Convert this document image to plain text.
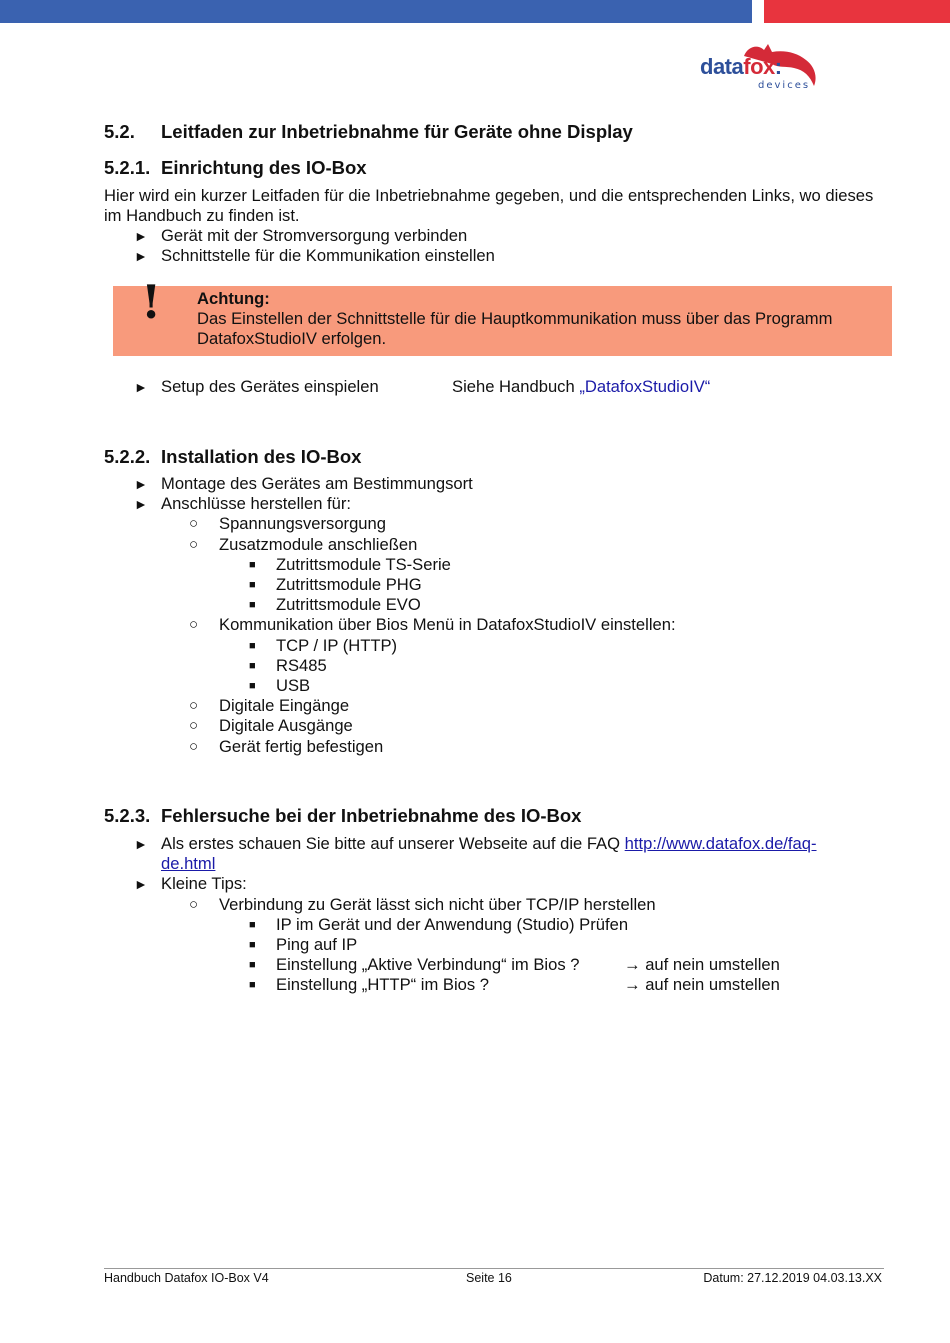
datafox:
devices
5.2. Leitfaden zur Inbetriebnahme für Geräte ohne Display
5.2.1. Einrichtung des IO-Box
Hier wird ein kurzer Leitfaden für die Inbetriebnahme gegeben, und die entsprechenden Links, wo dieses im Handbuch zu finden ist.
► Gerät mit der Stromversorgung verbinden
► Schnittstelle für die Kommunikation einstellen
! Achtung:
Das Einstellen der Schnittstelle für die Hauptkommunikation muss über das Programm DatafoxStudioIV erfolgen.
► Setup des Gerätes einspielen	Siehe Handbuch „DatafoxStudioIV“
5.2.2. Installation des IO-Box
► Montage des Gerätes am Bestimmungsort
► Anschlüsse herstellen für:
○ Spannungsversorgung
○ Zusatzmodule anschließen
■ Zutrittsmodule TS-Serie
■ Zutrittsmodule PHG
■ Zutrittsmodule EVO
○ Kommunikation über Bios Menü in DatafoxStudioIV einstellen:
■ TCP / IP (HTTP)
■ RS485
■ USB
○ Digitale Eingänge
○ Digitale Ausgänge
○ Gerät fertig befestigen
5.2.3. Fehlersuche bei der Inbetriebnahme des IO-Box
► Als erstes schauen Sie bitte auf unserer Webseite auf die FAQ http://www.datafox.de/faq-de.html
► Kleine Tips:
○ Verbindung zu Gerät lässt sich nicht über TCP/IP herstellen
■ IP im Gerät und der Anwendung (Studio) Prüfen
■ Ping auf IP
■ Einstellung „Aktive Verbindung“ im Bios ?	→ auf nein umstellen
■ Einstellung „HTTP“ im Bios ?	→ auf nein umstellen
Handbuch Datafox IO-Box V4	Seite 16	Datum: 27.12.2019 04.03.13.XX
